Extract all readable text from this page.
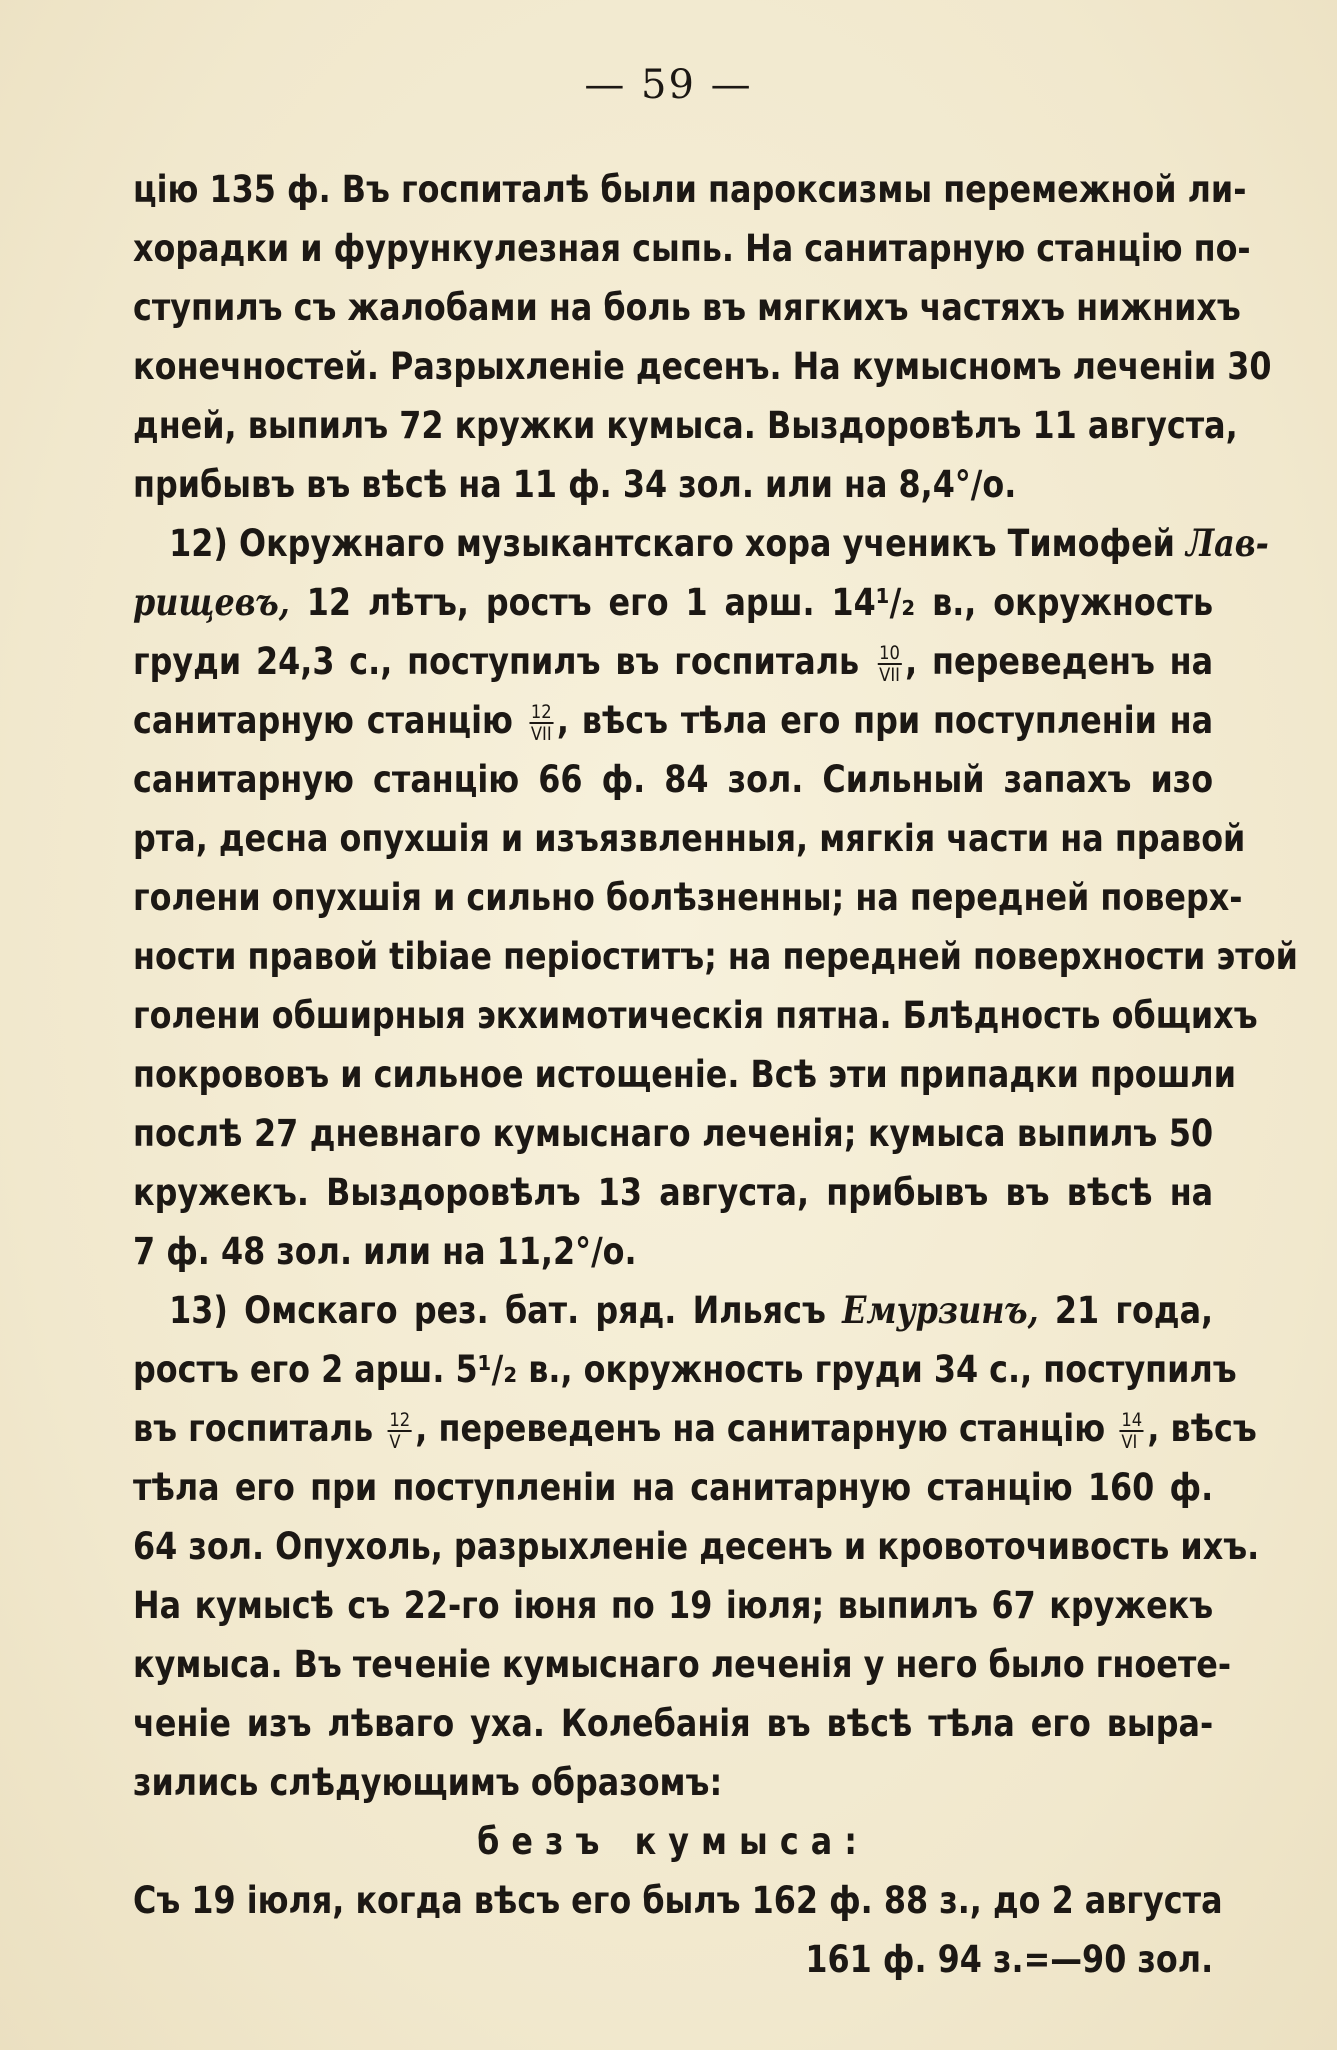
— 59 —
цію 135 ф. Въ госпиталѣ были пароксизмы перемежной ли-
хорадки и фурункулезная сыпь. На санитарную станцію по-
ступилъ съ жалобами на боль въ мягкихъ частяхъ нижнихъ
конечностей. Разрыхленіе десенъ. На кумысномъ леченіи 30
дней, выпилъ 72 кружки кумыса. Выздоровѣлъ 11 августа,
прибывъ въ вѣсѣ на 11 ф. 34 зол. или на 8,4°/о.
12) Окружнаго музыкантскаго хора ученикъ Тимофей Лав-
рищевъ, 12 лѣтъ, ростъ его 1 арш. 14¹/₂ в., окружность
груди 24,3 с., поступилъ въ госпиталь $\frac{10}{\text{VII}}$ , переведенъ на
санитарную станцію $\frac{12}{\text{VII}}$ , вѣсъ тѣла его при поступленіи на
санитарную станцію 66 ф. 84 зол. Сильный запахъ изо
рта, десна опухшія и изъязвленныя, мягкія части на правой
голени опухшія и сильно болѣзненны; на передней поверх-
ности правой tibiae періоститъ; на передней поверхности этой
голени обширныя экхимотическія пятна. Блѣдность общихъ
покрововъ и сильное истощеніе. Всѣ эти припадки прошли
послѣ 27 дневнаго кумыснаго леченія; кумыса выпилъ 50
кружекъ. Выздоровѣлъ 13 августа, прибывъ въ вѣсѣ на
7 ф. 48 зол. или на 11,2°/о.
13) Омскаго рез. бат. ряд. Ильясъ Емурзинъ, 21 года,
ростъ его 2 арш. 5¹/₂ в., окружность груди 34 с., поступилъ
въ госпиталь $\frac{12}{V}$ , переведенъ на санитарную станцію $\frac{14}{VI}$ , вѣсъ
тѣла его при поступленіи на санитарную станцію 160 ф.
64 зол. Опухоль, разрыхленіе десенъ и кровоточивость ихъ.
На кумысѣ съ 22-го іюня по 19 іюля; выпилъ 67 кружекъ
кумыса. Въ теченіе кумыснаго леченія у него было гноете-
ченіе изъ лѣваго уха. Колебанія въ вѣсѣ тѣла его выра-
зились слѣдующимъ образомъ:
безъ кумыса:
Съ 19 іюля, когда вѣсъ его былъ 162 ф. 88 з., до 2 августа
161 ф. 94 з.=—90 зол.
